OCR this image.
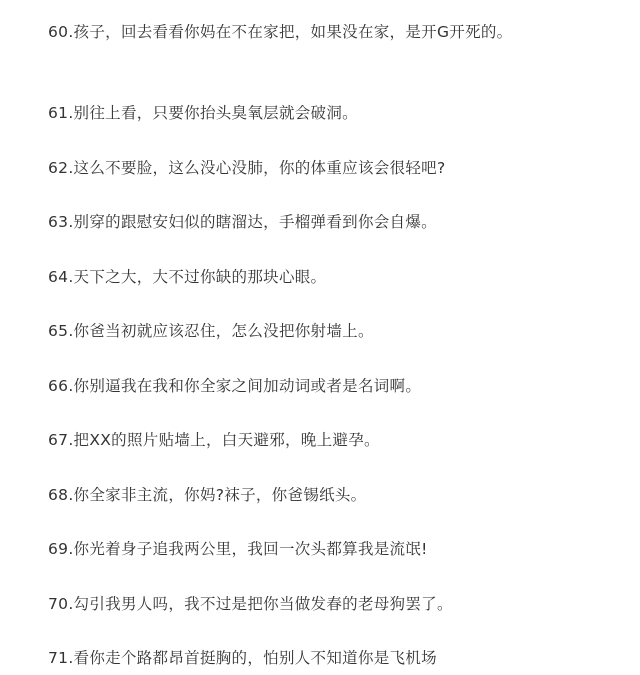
60.孩子，回去看看你妈在不在家把，如果没在家，是开G开死的。

61.别往上看，只要你抬头臭氧层就会破洞。

62.这么不要脸，这么没心没肺，你的体重应该会很轻吧?

63.别穿的跟慰安妇似的瞎溜达，手榴弹看到你会自爆。

64.天下之大，大不过你缺的那块心眼。

65.你爸当初就应该忍住，怎么没把你射墙上。

66.你别逼我在我和你全家之间加动词或者是名词啊。

67.把XX的照片贴墙上，白天避邪，晚上避孕。

68.你全家非主流，你妈?袜子，你爸锡纸头。

69.你光着身子追我两公里，我回一次头都算我是流氓!

70.勾引我男人吗，我不过是把你当做发春的老母狗罢了。

71.看你走个路都昂首挺胸的，怕别人不知道你是飞机场
